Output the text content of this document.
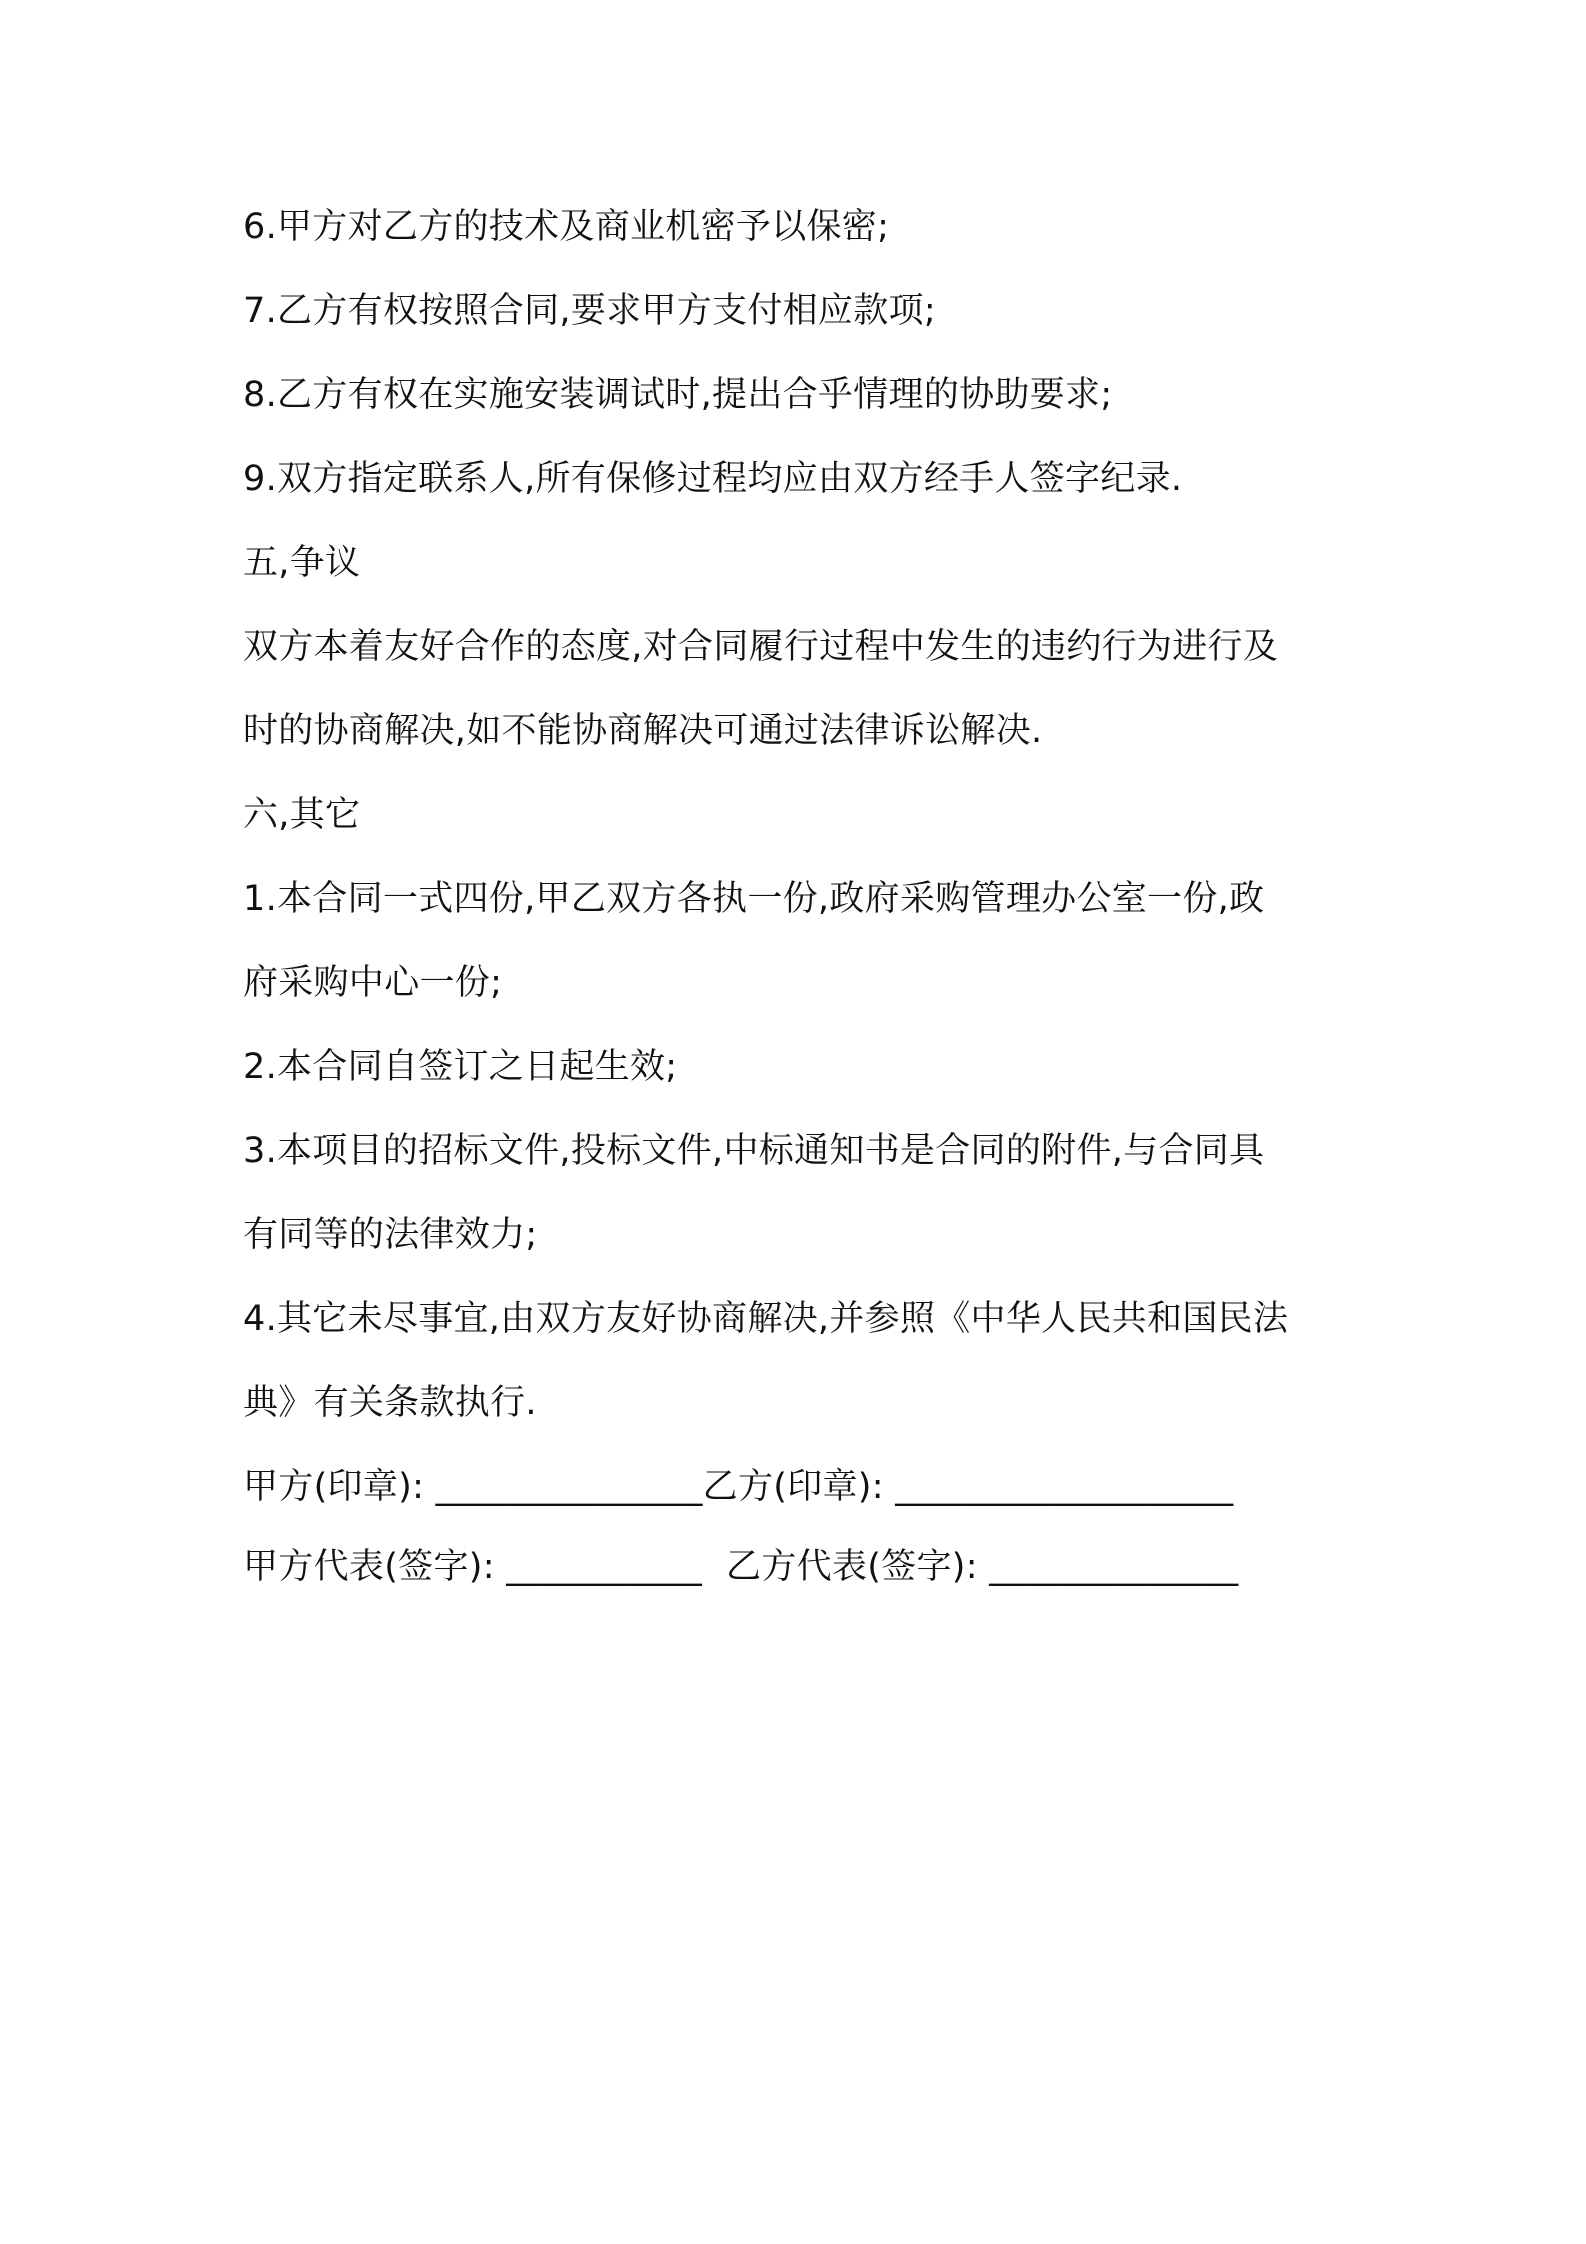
6.甲方对乙方的技术及商业机密予以保密;
7.乙方有权按照合同,要求甲方支付相应款项;
8.乙方有权在实施安装调试时,提出合乎情理的协助要求;
9.双方指定联系人,所有保修过程均应由双方经手人签字纪录.
五,争议
双方本着友好合作的态度,对合同履行过程中发生的违约行为进行及
时的协商解决,如不能协商解决可通过法律诉讼解决.
六,其它
1.本合同一式四份,甲乙双方各执一份,政府采购管理办公室一份,政
府采购中心一份;
2.本合同自签订之日起生效;
3.本项目的招标文件,投标文件,中标通知书是合同的附件,与合同具
有同等的法律效力;
4.其它未尽事宜,由双方友好协商解决,并参照《中华人民共和国民法
典》有关条款执行.
甲方(印章): _______________乙方(印章): ___________________
甲方代表(签字): ___________ 乙方代表(签字): ______________
